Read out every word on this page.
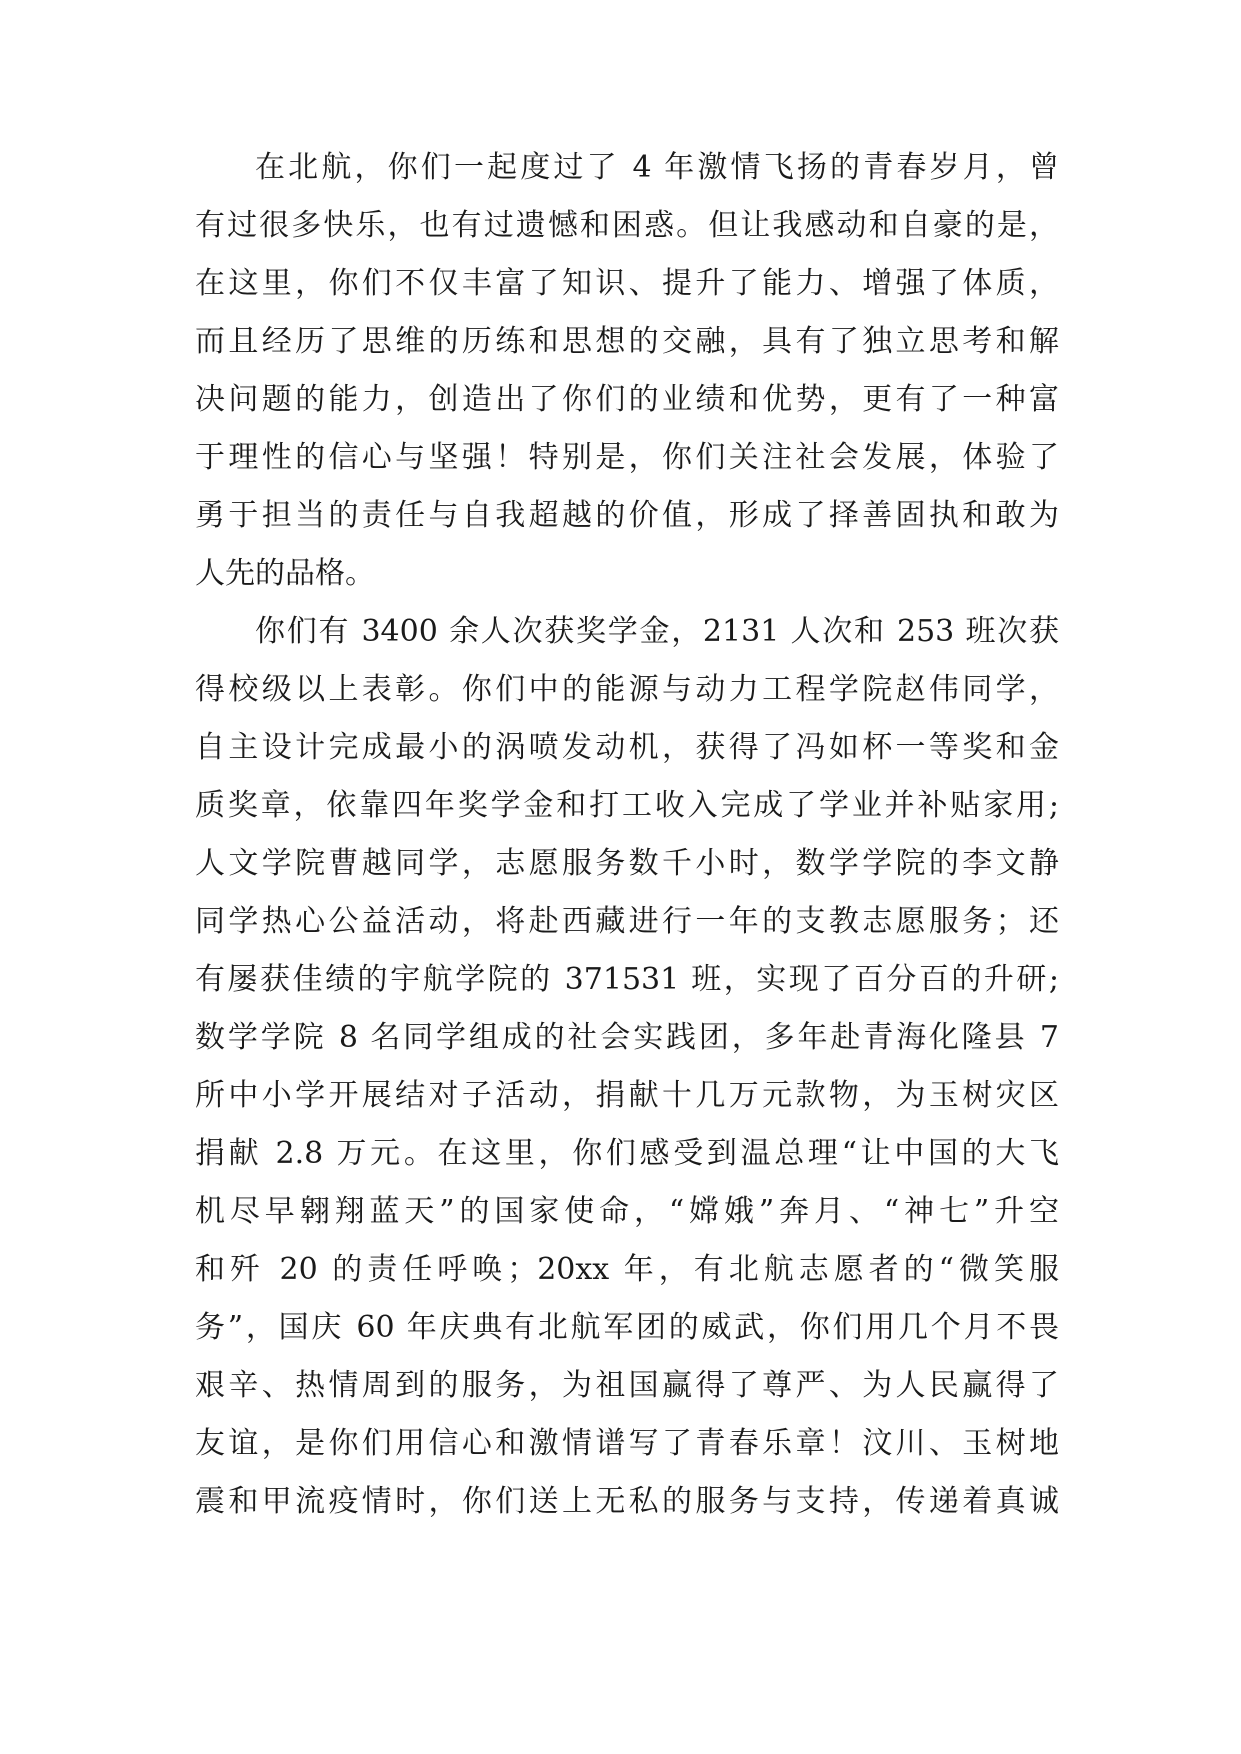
在北航，你们一起度过了 4 年激情飞扬的青春岁月，曾
有过很多快乐，也有过遗憾和困惑。但让我感动和自豪的是，
在这里，你们不仅丰富了知识、提升了能力、增强了体质，
而且经历了思维的历练和思想的交融，具有了独立思考和解
决问题的能力，创造出了你们的业绩和优势，更有了一种富
于理性的信心与坚强！特别是，你们关注社会发展，体验了
勇于担当的责任与自我超越的价值，形成了择善固执和敢为
人先的品格。
你们有 3400 余人次获奖学金，2131 人次和 253 班次获
得校级以上表彰。你们中的能源与动力工程学院赵伟同学，
自主设计完成最小的涡喷发动机，获得了冯如杯一等奖和金
质奖章，依靠四年奖学金和打工收入完成了学业并补贴家用;
人文学院曹越同学，志愿服务数千小时，数学学院的李文静
同学热心公益活动，将赴西藏进行一年的支教志愿服务；还
有屡获佳绩的宇航学院的 371531 班，实现了百分百的升研;
数学学院 8 名同学组成的社会实践团，多年赴青海化隆县 7
所中小学开展结对子活动，捐献十几万元款物，为玉树灾区
捐献 2.8 万元。在这里，你们感受到温总理“让中国的大飞
机尽早翱翔蓝天”的国家使命，“嫦娥”奔月、“神七”升空
和歼 20 的责任呼唤；20xx 年，有北航志愿者的“微笑服
务”，国庆 60 年庆典有北航军团的威武，你们用几个月不畏
艰辛、热情周到的服务，为祖国赢得了尊严、为人民赢得了
友谊，是你们用信心和激情谱写了青春乐章！汶川、玉树地
震和甲流疫情时，你们送上无私的服务与支持，传递着真诚
